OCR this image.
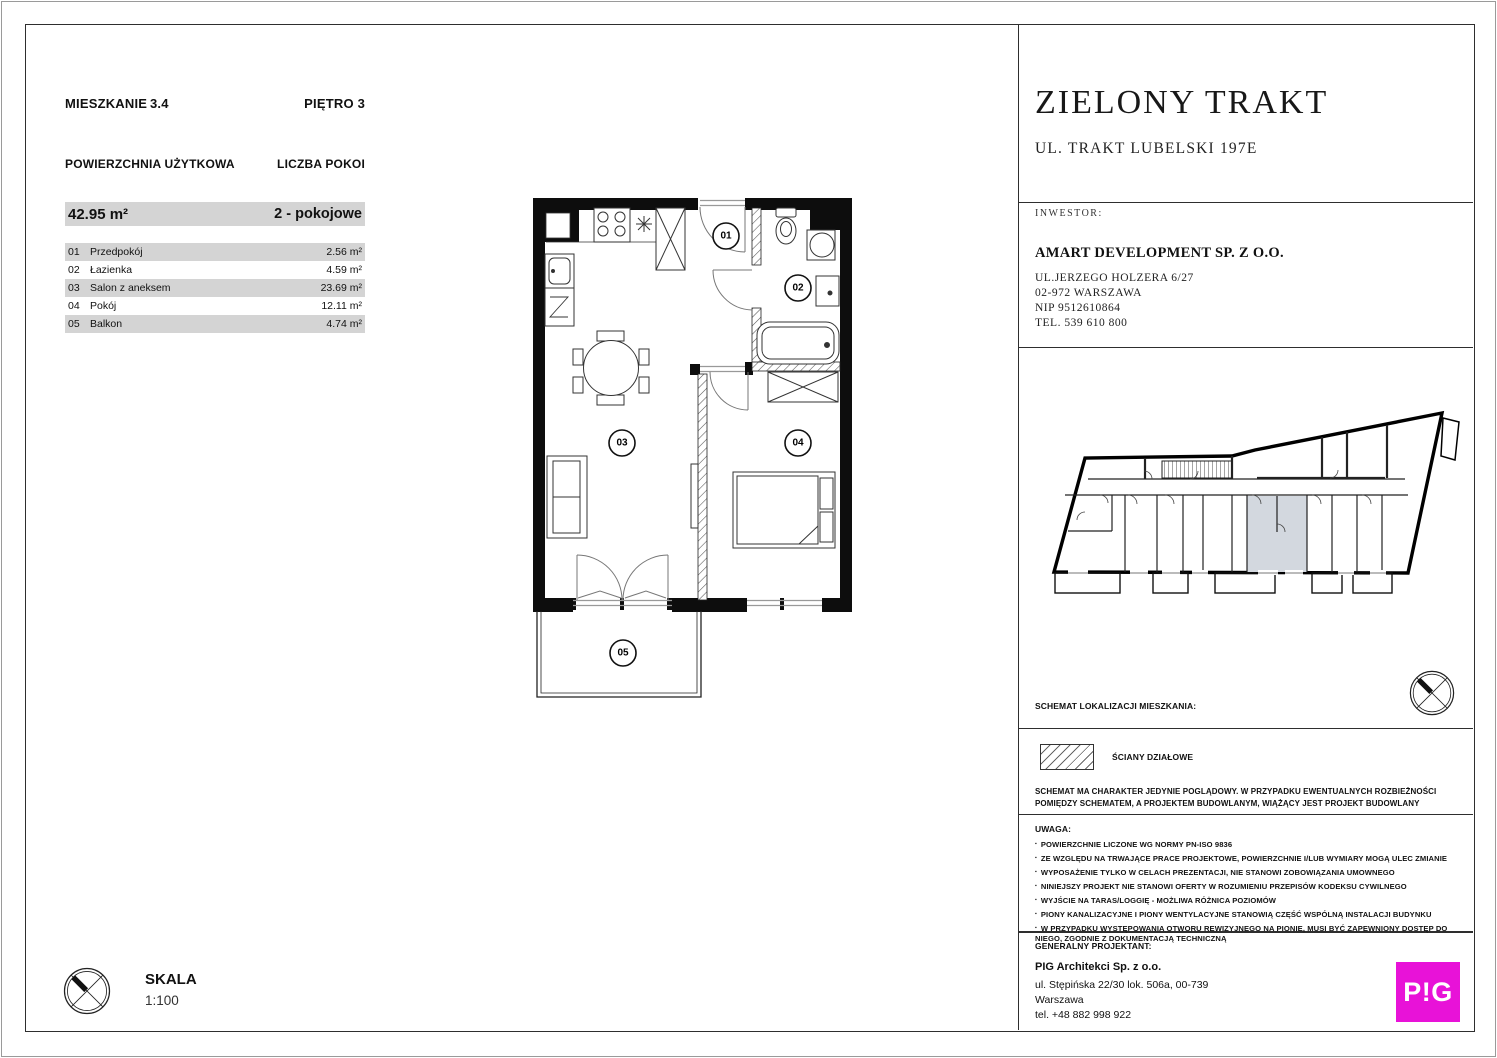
MIESZKANIE 3.4	PIĘTRO 3
POWIERZCHNIA UŻYTKOWA	LICZBA POKOI
42.95 m²	2 - pokojowe
01 Przedpokój	2.56 m²
02 Łazienka	4.59 m²
03 Salon z aneksem	23.69 m²
04 Pokój	12.11 m²
05 Balkon	4.74 m²
01
02
03	04
05
SKALA
1:100
ZIELONY TRAKT
UL. TRAKT LUBELSKI 197E
INWESTOR:
AMART DEVELOPMENT SP. Z O.O.
UL.JERZEGO HOLZERA 6/27
02-972 WARSZAWA
NIP 9512610864
TEL. 539 610 800
SCHEMAT LOKALIZACJI MIESZKANIA:
ŚCIANY DZIAŁOWE
SCHEMAT MA CHARAKTER JEDYNIE POGLĄDOWY. W PRZYPADKU EWENTUALNYCH ROZBIEŻNOŚCI POMIĘDZY SCHEMATEM, A PROJEKTEM BUDOWLANYM, WIĄŻĄCY JEST PROJEKT BUDOWLANY
UWAGA:
▪ POWIERZCHNIE LICZONE WG NORMY PN-ISO 9836
▪ ZE WZGLĘDU NA TRWAJĄCE PRACE PROJEKTOWE, POWIERZCHNIE I/LUB WYMIARY MOGĄ ULEC ZMIANIE
▪ WYPOSAŻENIE TYLKO W CELACH PREZENTACJI, NIE STANOWI ZOBOWIĄZANIA UMOWNEGO
▪ NINIEJSZY PROJEKT NIE STANOWI OFERTY W ROZUMIENIU PRZEPISÓW KODEKSU CYWILNEGO
▪ WYJŚCIE NA TARAS/LOGGIĘ - MOŻLIWA RÓŻNICA POZIOMÓW
▪ PIONY KANALIZACYJNE I PIONY WENTYLACYJNE STANOWIĄ CZĘŚĆ WSPÓLNĄ INSTALACJI BUDYNKU
▪ W PRZYPADKU WYSTĘPOWANIA OTWORU REWIZYJNEGO NA PIONIE, MUSI BYĆ ZAPEWNIONY DOSTĘP DO NIEGO, ZGODNIE Z DOKUMENTACJĄ TECHNICZNĄ
GENERALNY PROJEKTANT:
PIG Architekci Sp. z o.o.
ul. Stępińska 22/30 lok. 506a, 00-739
Warszawa
tel. +48 882 998 922
P!G
